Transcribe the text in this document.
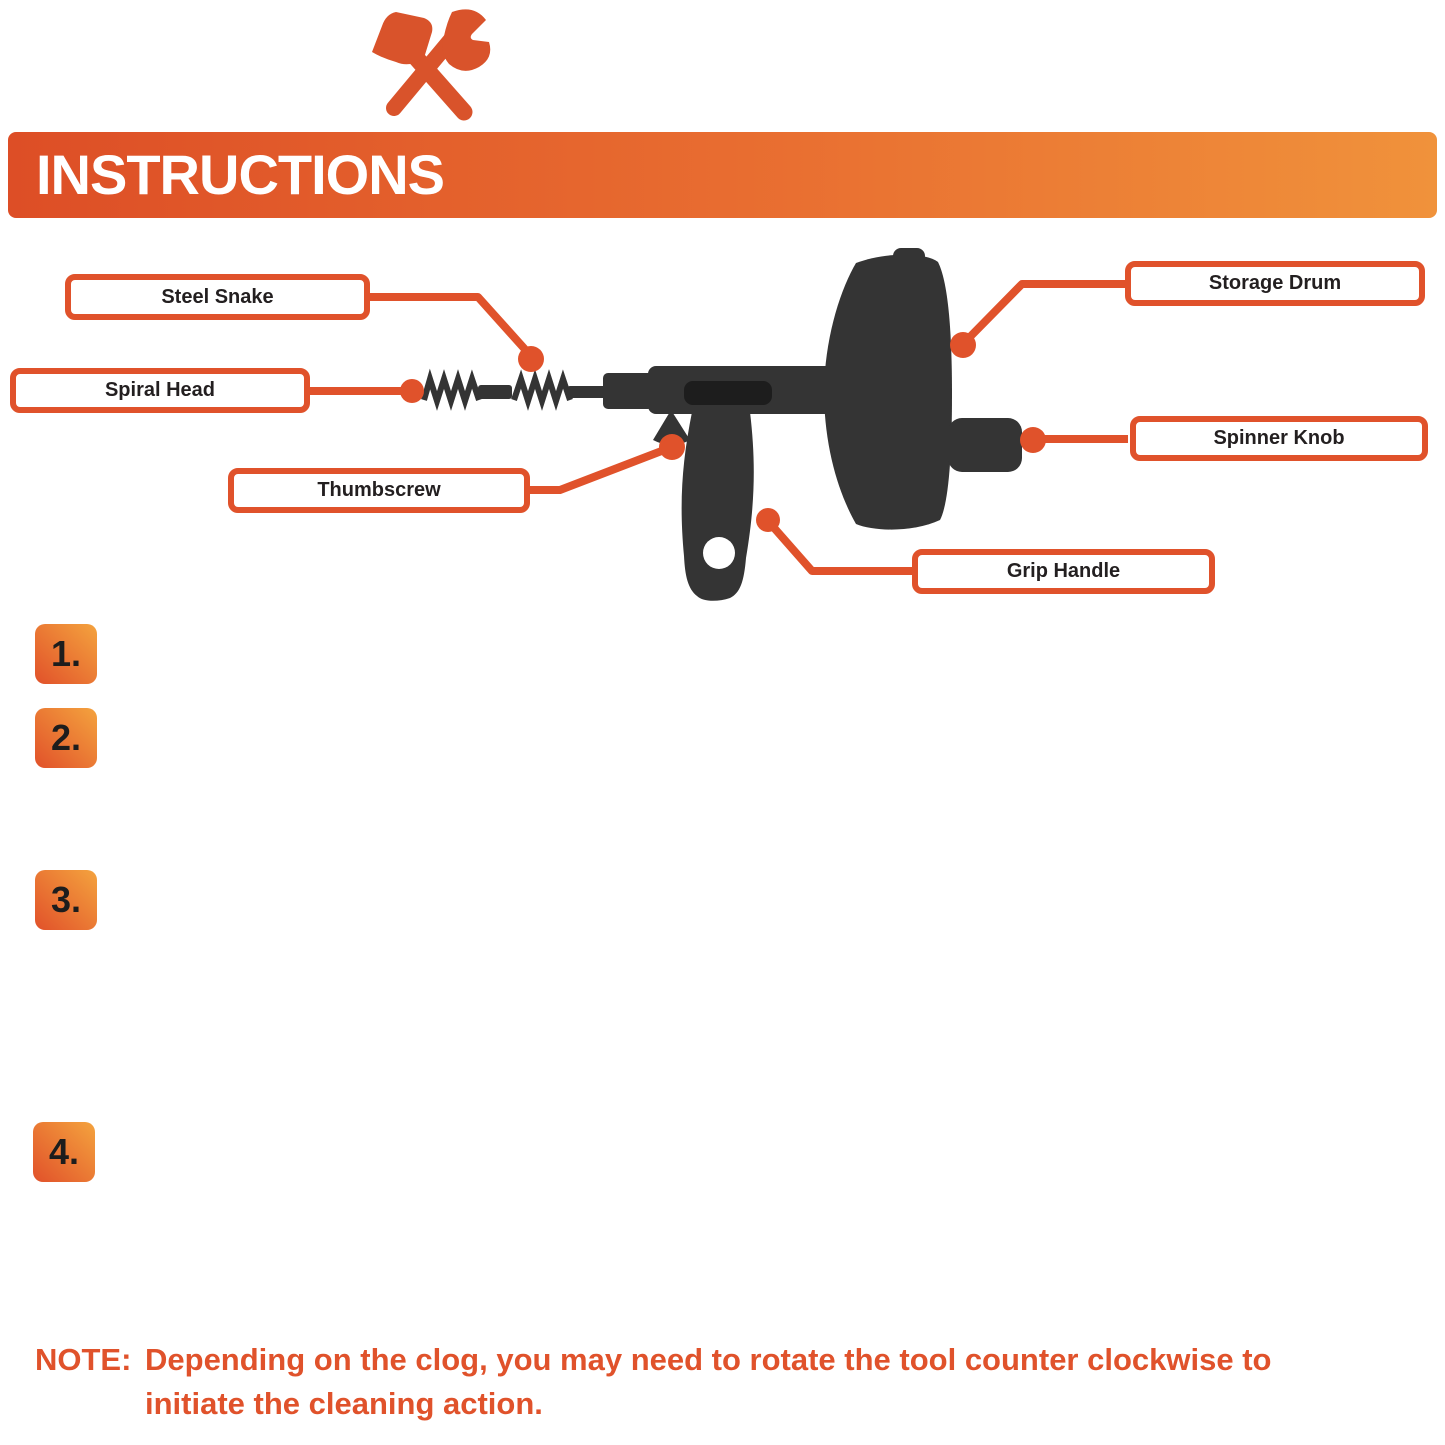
INSTRUCTIONS
Steel Snake
Spiral Head
Thumbscrew
Storage Drum
Spinner Knob
Grip Handle
1.
2.
3.
4.
NOTE: Depending on the clog, you may need to rotate the tool counter clockwise to initiate the cleaning action.
